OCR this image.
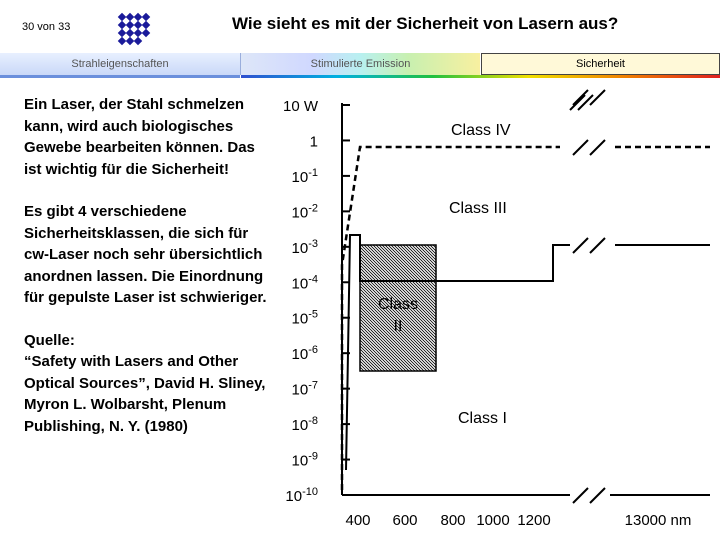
30 von 33	Wie sieht es mit der Sicherheit von Lasern aus?
Strahleigenschaften	Stimulierte Emission	Sicherheit

Ein Laser, der Stahl schmelzen kann, wird auch biologisches Gewebe bearbeiten können. Das ist wichtig für die Sicherheit!

Es gibt 4 verschiedene Sicherheitsklassen, die sich für cw-Laser noch sehr übersichtlich anordnen lassen. Die Einordnung für gepulste Laser ist schwieriger.

Quelle:
“Safety with Lasers and Other Optical Sources”, David H. Sliney, Myron L. Wolbarsht, Plenum Publishing, N. Y. (1980)
10 W
1
$10^{-1}$
$10^{-2}$
$10^{-3}$
$10^{-4}$
$10^{-5}$
$10^{-6}$
$10^{-7}$
$10^{-8}$
$10^{-9}$
$10^{-10}$
400 600 800 1000 1200	13000 nm
Class IV
Class III
Class II
Class I
